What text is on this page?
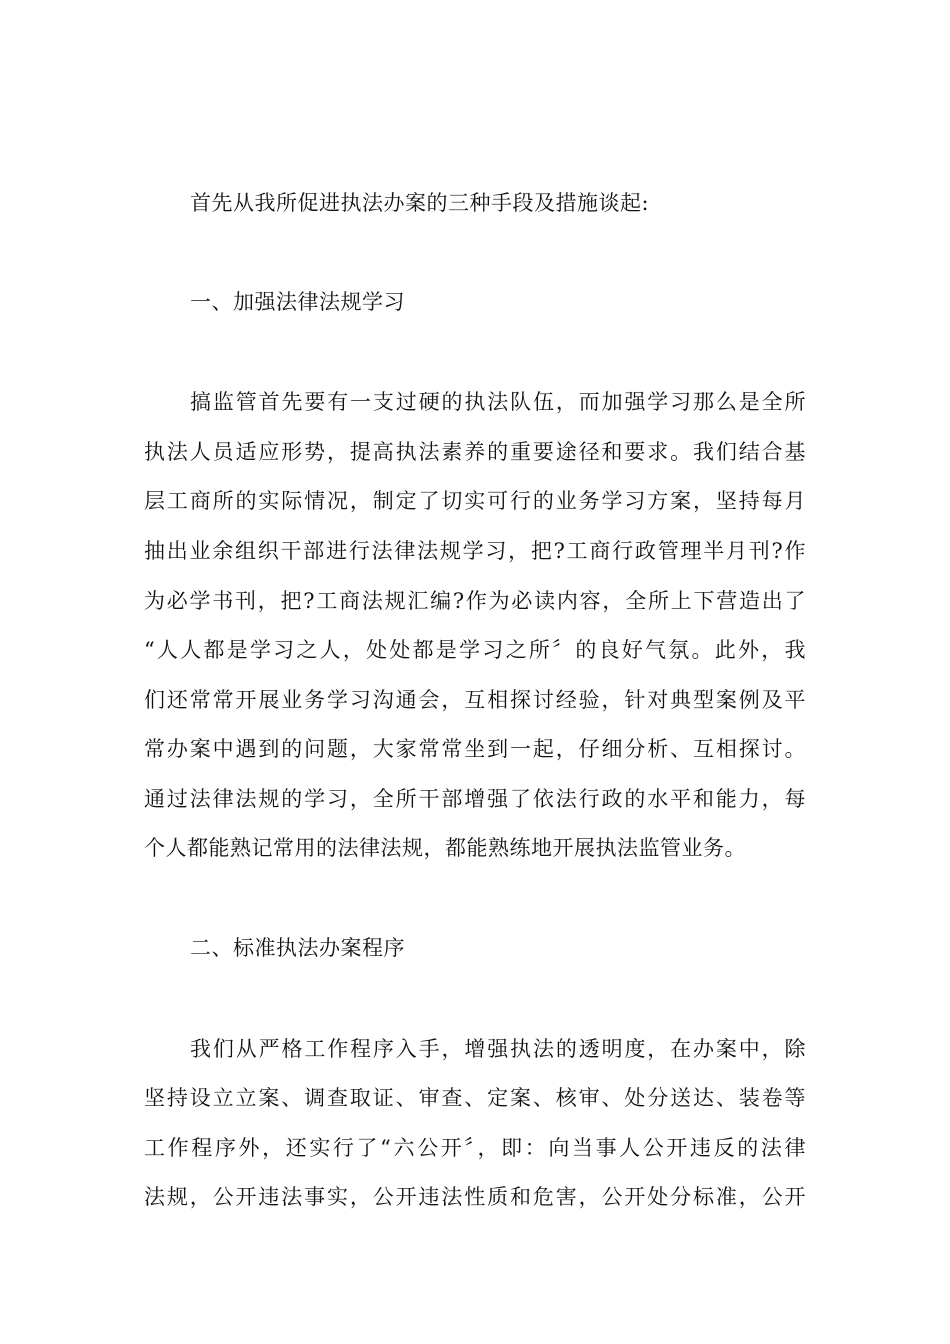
首先从我所促进执法办案的三种手段及措施谈起:
一、加强法律法规学习
搞监管首先要有一支过硬的执法队伍，而加强学习那么是全所
执法人员适应形势，提高执法素养的重要途径和要求。我们结合基
层工商所的实际情况，制定了切实可行的业务学习方案，坚持每月
抽出业余组织干部进行法律法规学习，把?工商行政管理半月刊?作
为必学书刊，把?工商法规汇编?作为必读内容，全所上下营造出了
“人人都是学习之人，处处都是学习之所〞的良好气氛。此外，我
们还常常开展业务学习沟通会，互相探讨经验，针对典型案例及平
常办案中遇到的问题，大家常常坐到一起，仔细分析、互相探讨。
通过法律法规的学习，全所干部增强了依法行政的水平和能力，每
个人都能熟记常用的法律法规，都能熟练地开展执法监管业务。
二、标准执法办案程序
我们从严格工作程序入手，增强执法的透明度，在办案中，除
坚持设立立案、调查取证、审查、定案、核审、处分送达、装卷等
工作程序外，还实行了“六公开〞，即：向当事人公开违反的法律
法规，公开违法事实，公开违法性质和危害，公开处分标准，公开
